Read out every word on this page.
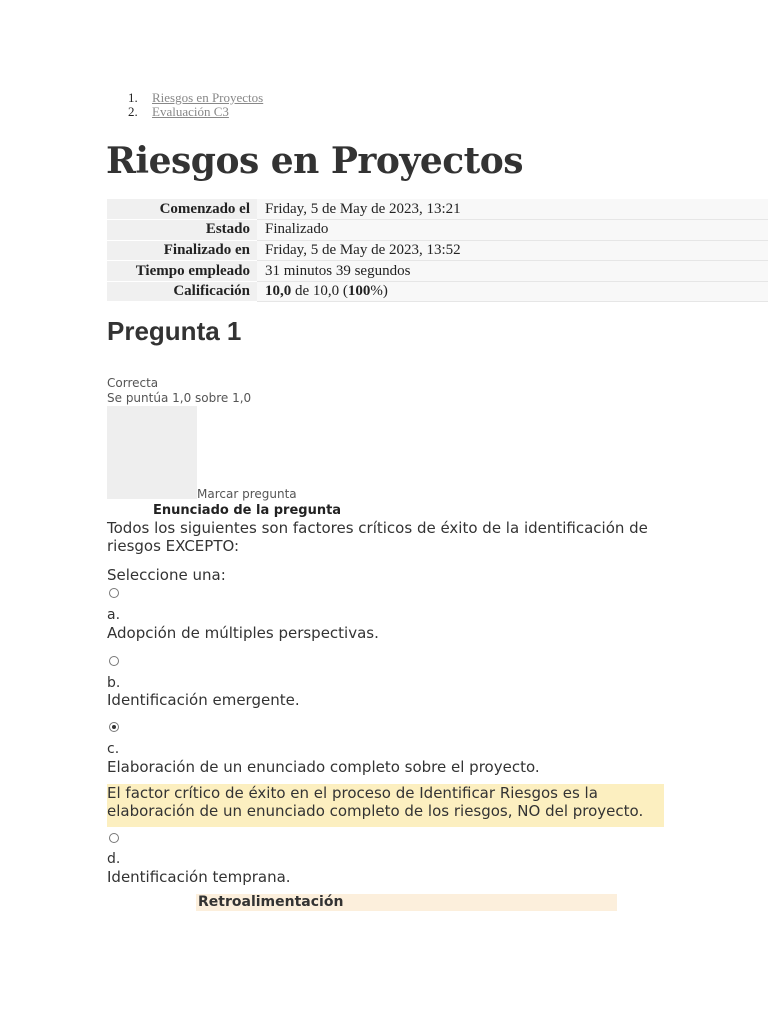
1.	Riesgos en Proyectos
2.	Evaluación C3
Riesgos en Proyectos
Comenzado el	Friday, 5 de May de 2023, 13:21
Estado	Finalizado
Finalizado en	Friday, 5 de May de 2023, 13:52
Tiempo empleado	31 minutos 39 segundos
Calificación	10,0 de 10,0 (100%)
Pregunta 1
Correcta
Se puntúa 1,0 sobre 1,0
Marcar pregunta
Enunciado de la pregunta
Todos los siguientes son factores críticos de éxito de la identificación de riesgos EXCEPTO:
Seleccione una:
a.
Adopción de múltiples perspectivas.
b.
Identificación emergente.
c.
Elaboración de un enunciado completo sobre el proyecto.
El factor crítico de éxito en el proceso de Identificar Riesgos es la elaboración de un enunciado completo de los riesgos, NO del proyecto.
d.
Identificación temprana.
Retroalimentación
